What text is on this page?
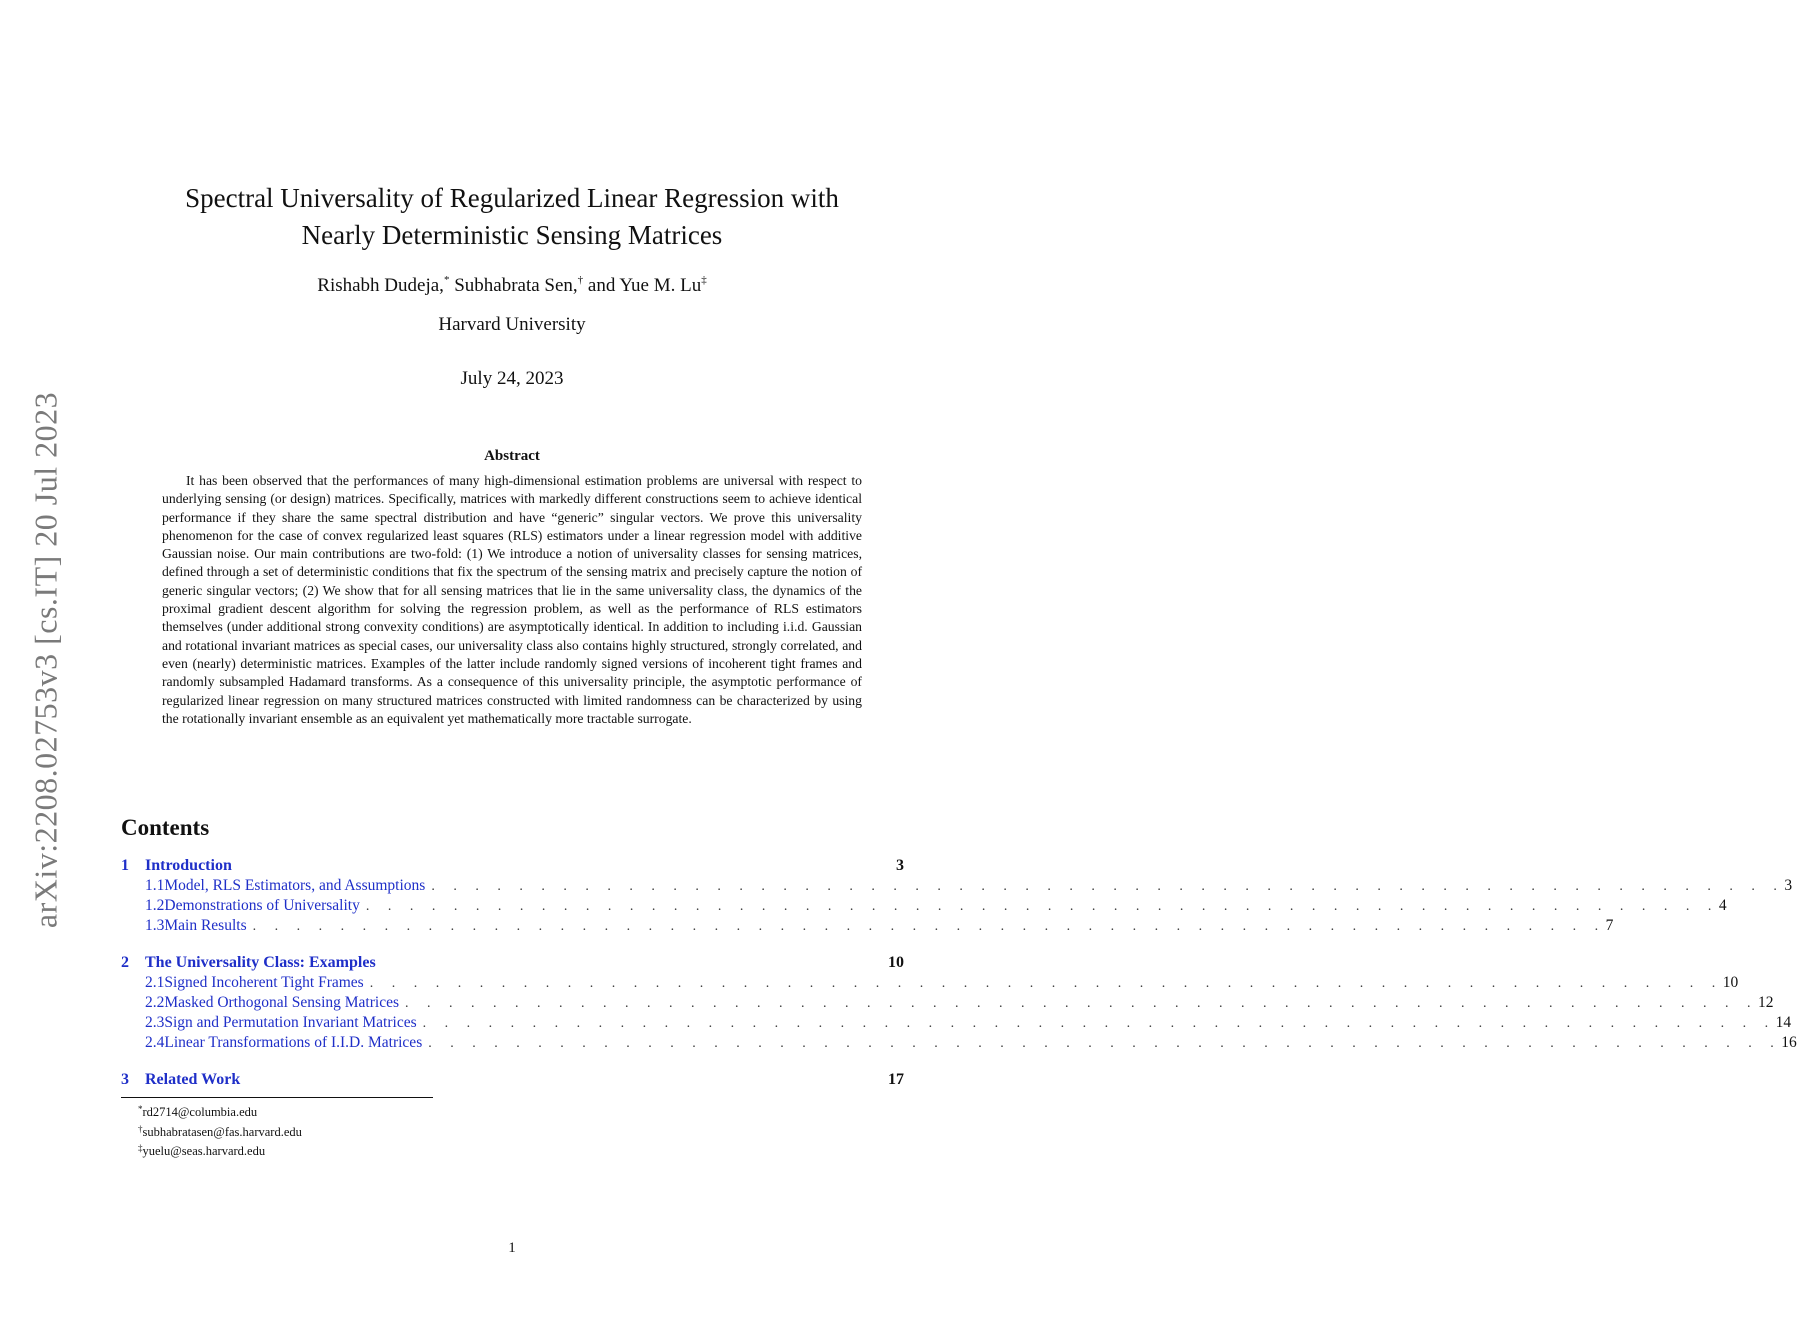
arXiv:2208.02753v3 [cs.IT] 20 Jul 2023
Spectral Universality of Regularized Linear Regression with
Nearly Deterministic Sensing Matrices
Rishabh Dudeja,* Subhabrata Sen,† and Yue M. Lu‡
Harvard University
July 24, 2023
Abstract

It has been observed that the performances of many high-dimensional estimation problems are universal with respect to underlying sensing (or design) matrices. Specifically, matrices with markedly different constructions seem to achieve identical performance if they share the same spectral distribution and have “generic” singular vectors. We prove this universality phenomenon for the case of convex regularized least squares (RLS) estimators under a linear regression model with additive Gaussian noise. Our main contributions are two-fold: (1) We introduce a notion of universality classes for sensing matrices, defined through a set of deterministic conditions that fix the spectrum of the sensing matrix and precisely capture the notion of generic singular vectors; (2) We show that for all sensing matrices that lie in the same universality class, the dynamics of the proximal gradient descent algorithm for solving the regression problem, as well as the performance of RLS estimators themselves (under additional strong convexity conditions) are asymptotically identical. In addition to including i.i.d. Gaussian and rotational invariant matrices as special cases, our universality class also contains highly structured, strongly correlated, and even (nearly) deterministic matrices. Examples of the latter include randomly signed versions of incoherent tight frames and randomly subsampled Hadamard transforms. As a consequence of this universality principle, the asymptotic performance of regularized linear regression on many structured matrices constructed with limited randomness can be characterized by using the rotationally invariant ensemble as an equivalent yet mathematically more tractable surrogate.

Contents
1	Introduction	3
1.1 Model, RLS Estimators, and Assumptions . . . . . . . . . . . . . . . . . . . . . . . . . . . . . . . . . . . . . . . . . . . . . . . . . . . . . . . . . . . . . . 3
1.2 Demonstrations of Universality . . . . . . . . . . . . . . . . . . . . . . . . . . . . . . . . . . . . . . . . . . . . . . . . . . . . . . . . . . . . . . 4
1.3 Main Results . . . . . . . . . . . . . . . . . . . . . . . . . . . . . . . . . . . . . . . . . . . . . . . . . . . . . . . . . . . . . . 7
2	The Universality Class: Examples	10
2.1 Signed Incoherent Tight Frames . . . . . . . . . . . . . . . . . . . . . . . . . . . . . . . . . . . . . . . . . . . . . . . . . . . . . . . . . . . . . . 10
2.2 Masked Orthogonal Sensing Matrices . . . . . . . . . . . . . . . . . . . . . . . . . . . . . . . . . . . . . . . . . . . . . . . . . . . . . . . . . . . . . . 12
2.3 Sign and Permutation Invariant Matrices . . . . . . . . . . . . . . . . . . . . . . . . . . . . . . . . . . . . . . . . . . . . . . . . . . . . . . . . . . . . . . 14
2.4 Linear Transformations of I.I.D. Matrices . . . . . . . . . . . . . . . . . . . . . . . . . . . . . . . . . . . . . . . . . . . . . . . . . . . . . . . . . . . . . . 16
3	Related Work	17
*rd2714@columbia.edu
†subhabratasen@fas.harvard.edu
‡yuelu@seas.harvard.edu
1
